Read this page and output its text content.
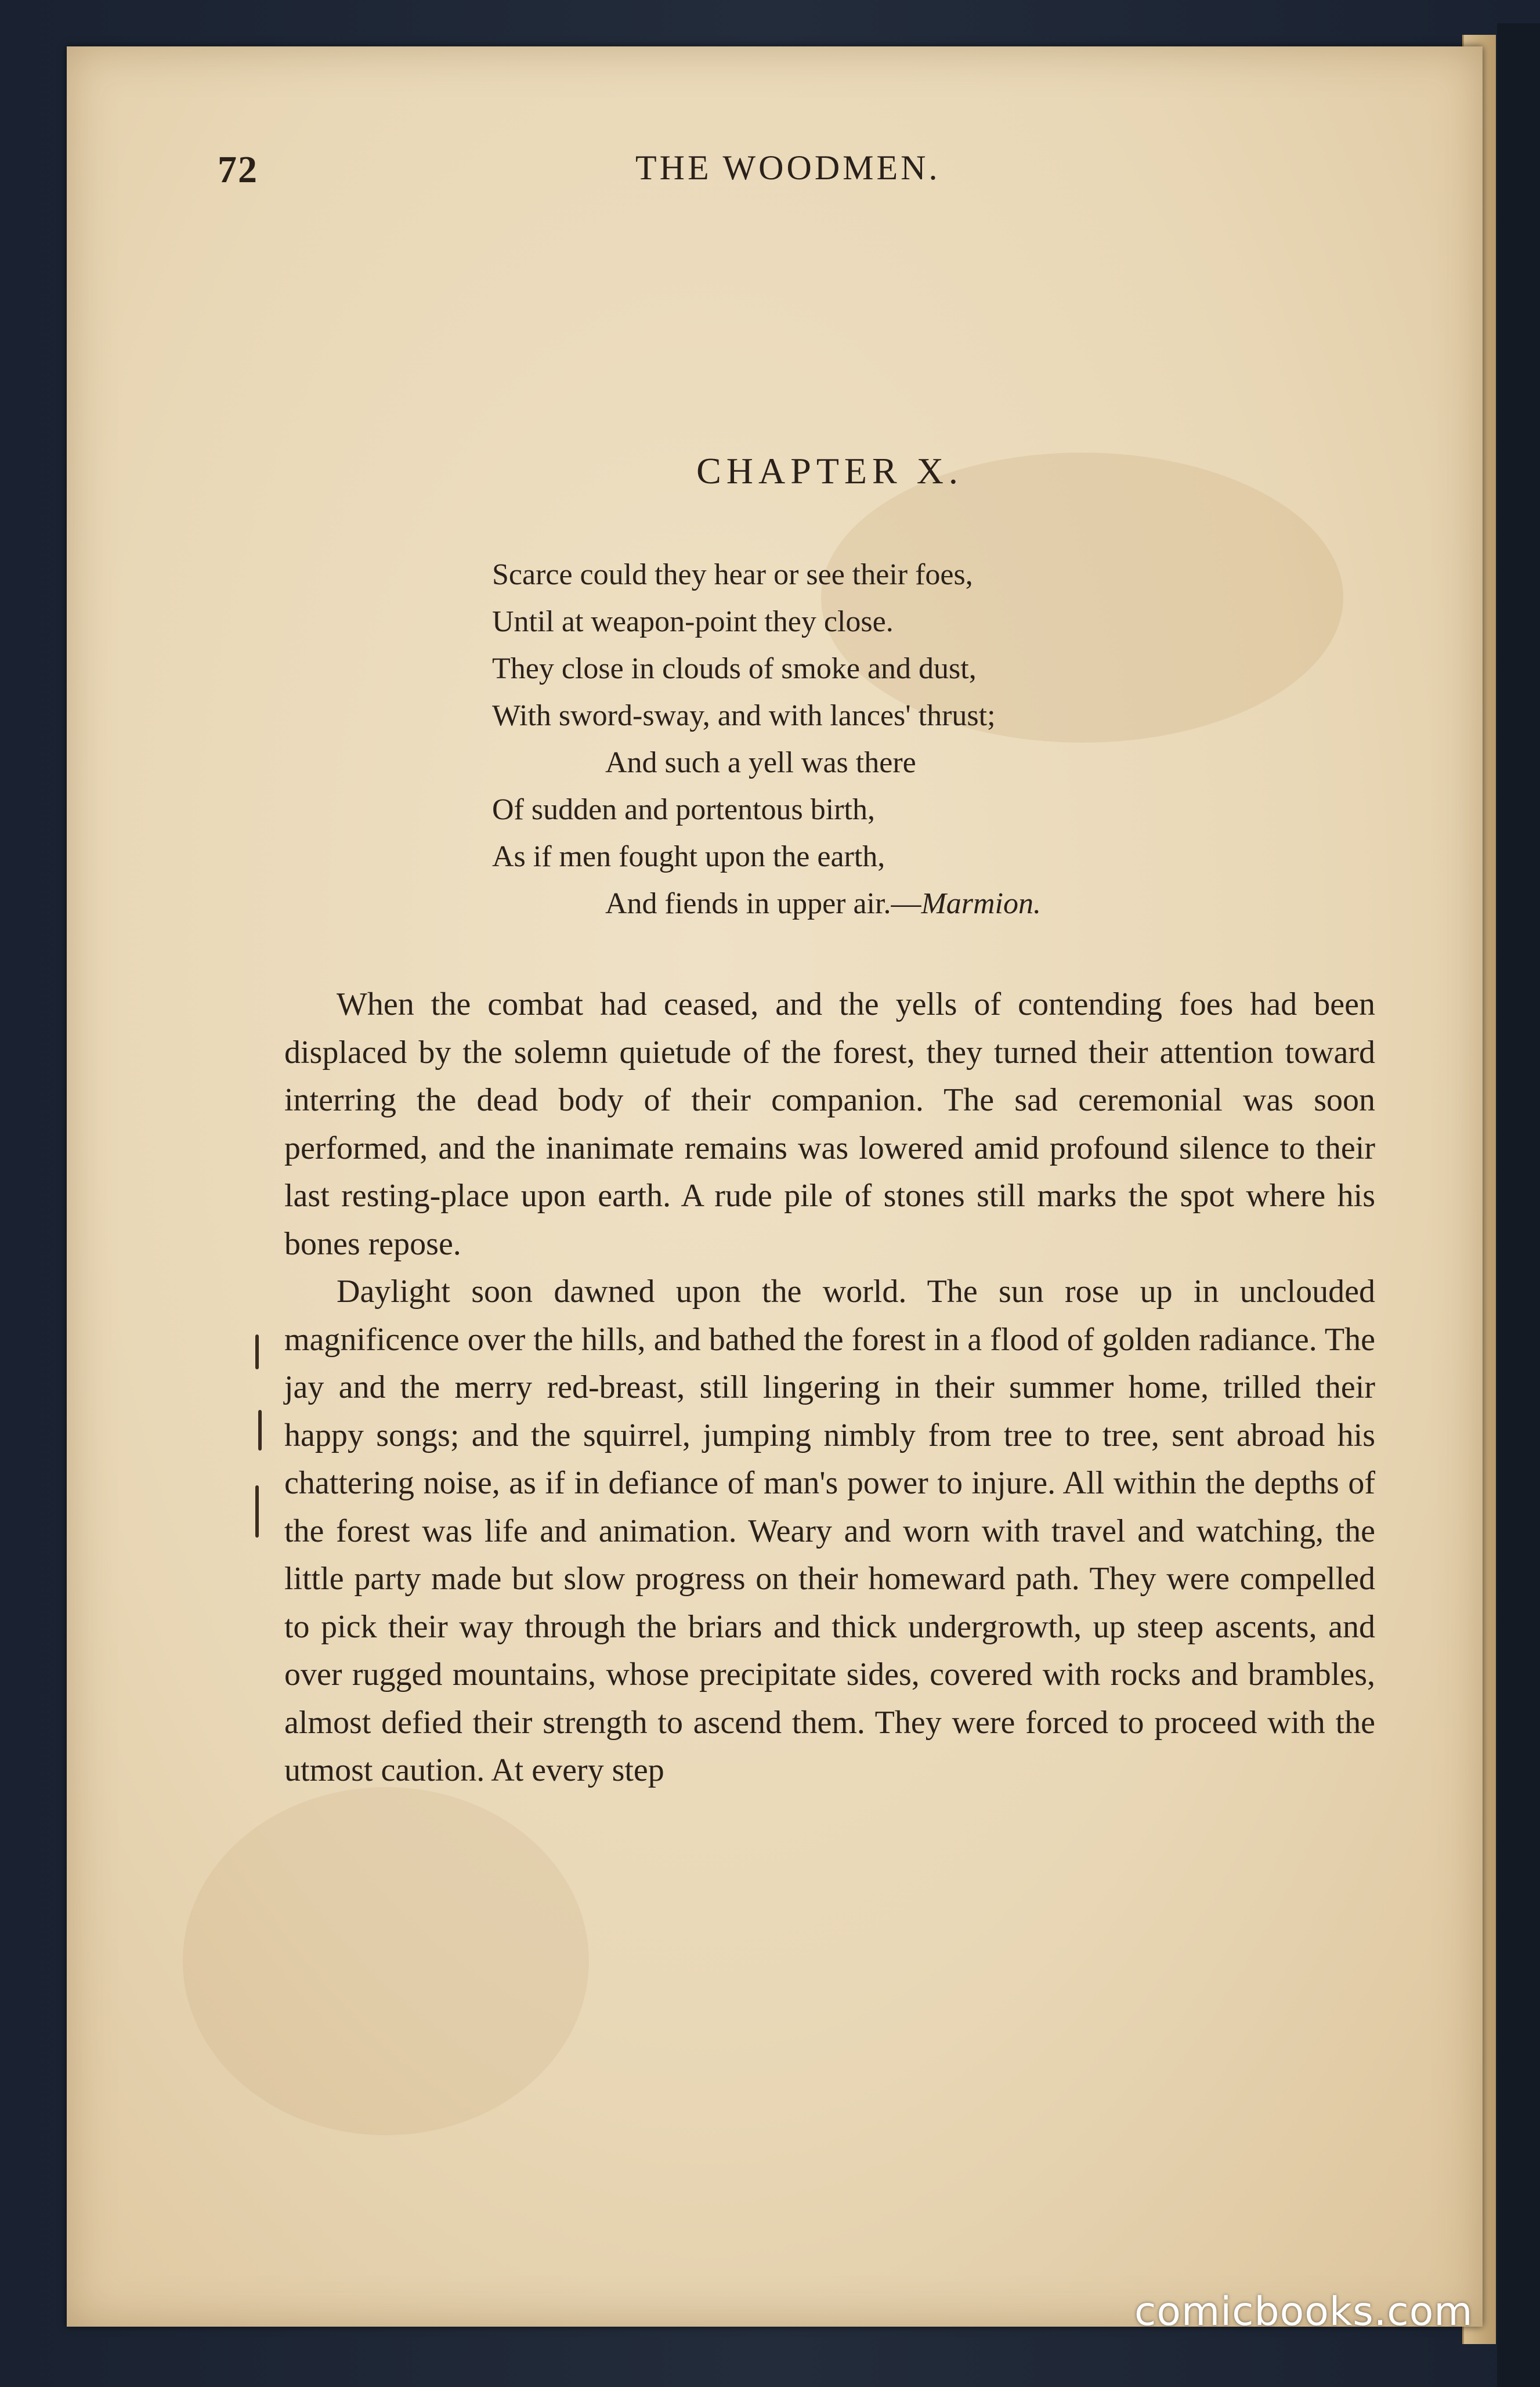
72	THE WOODMEN.
CHAPTER X.
Scarce could they hear or see their foes,
Until at weapon-point they close.
They close in clouds of smoke and dust,
With sword-sway, and with lances' thrust;
And such a yell was there
Of sudden and portentous birth,
As if men fought upon the earth,
And fiends in upper air.—Marmion.

When the combat had ceased, and the yells of contending foes had been displaced by the solemn quietude of the forest, they turned their attention toward interring the dead body of their companion. The sad ceremonial was soon performed, and the inanimate remains was lowered amid profound silence to their last resting-place upon earth. A rude pile of stones still marks the spot where his bones repose.

Daylight soon dawned upon the world. The sun rose up in unclouded magnificence over the hills, and bathed the forest in a flood of golden radiance. The jay and the merry red-breast, still lingering in their summer home, trilled their happy songs; and the squirrel, jumping nimbly from tree to tree, sent abroad his chattering noise, as if in defiance of man's power to injure. All within the depths of the forest was life and animation. Weary and worn with travel and watching, the little party made but slow progress on their homeward path. They were compelled to pick their way through the briars and thick undergrowth, up steep ascents, and over rugged mountains, whose precipitate sides, covered with rocks and brambles, almost defied their strength to ascend them. They were forced to proceed with the utmost caution. At every step

comicbooks.com
